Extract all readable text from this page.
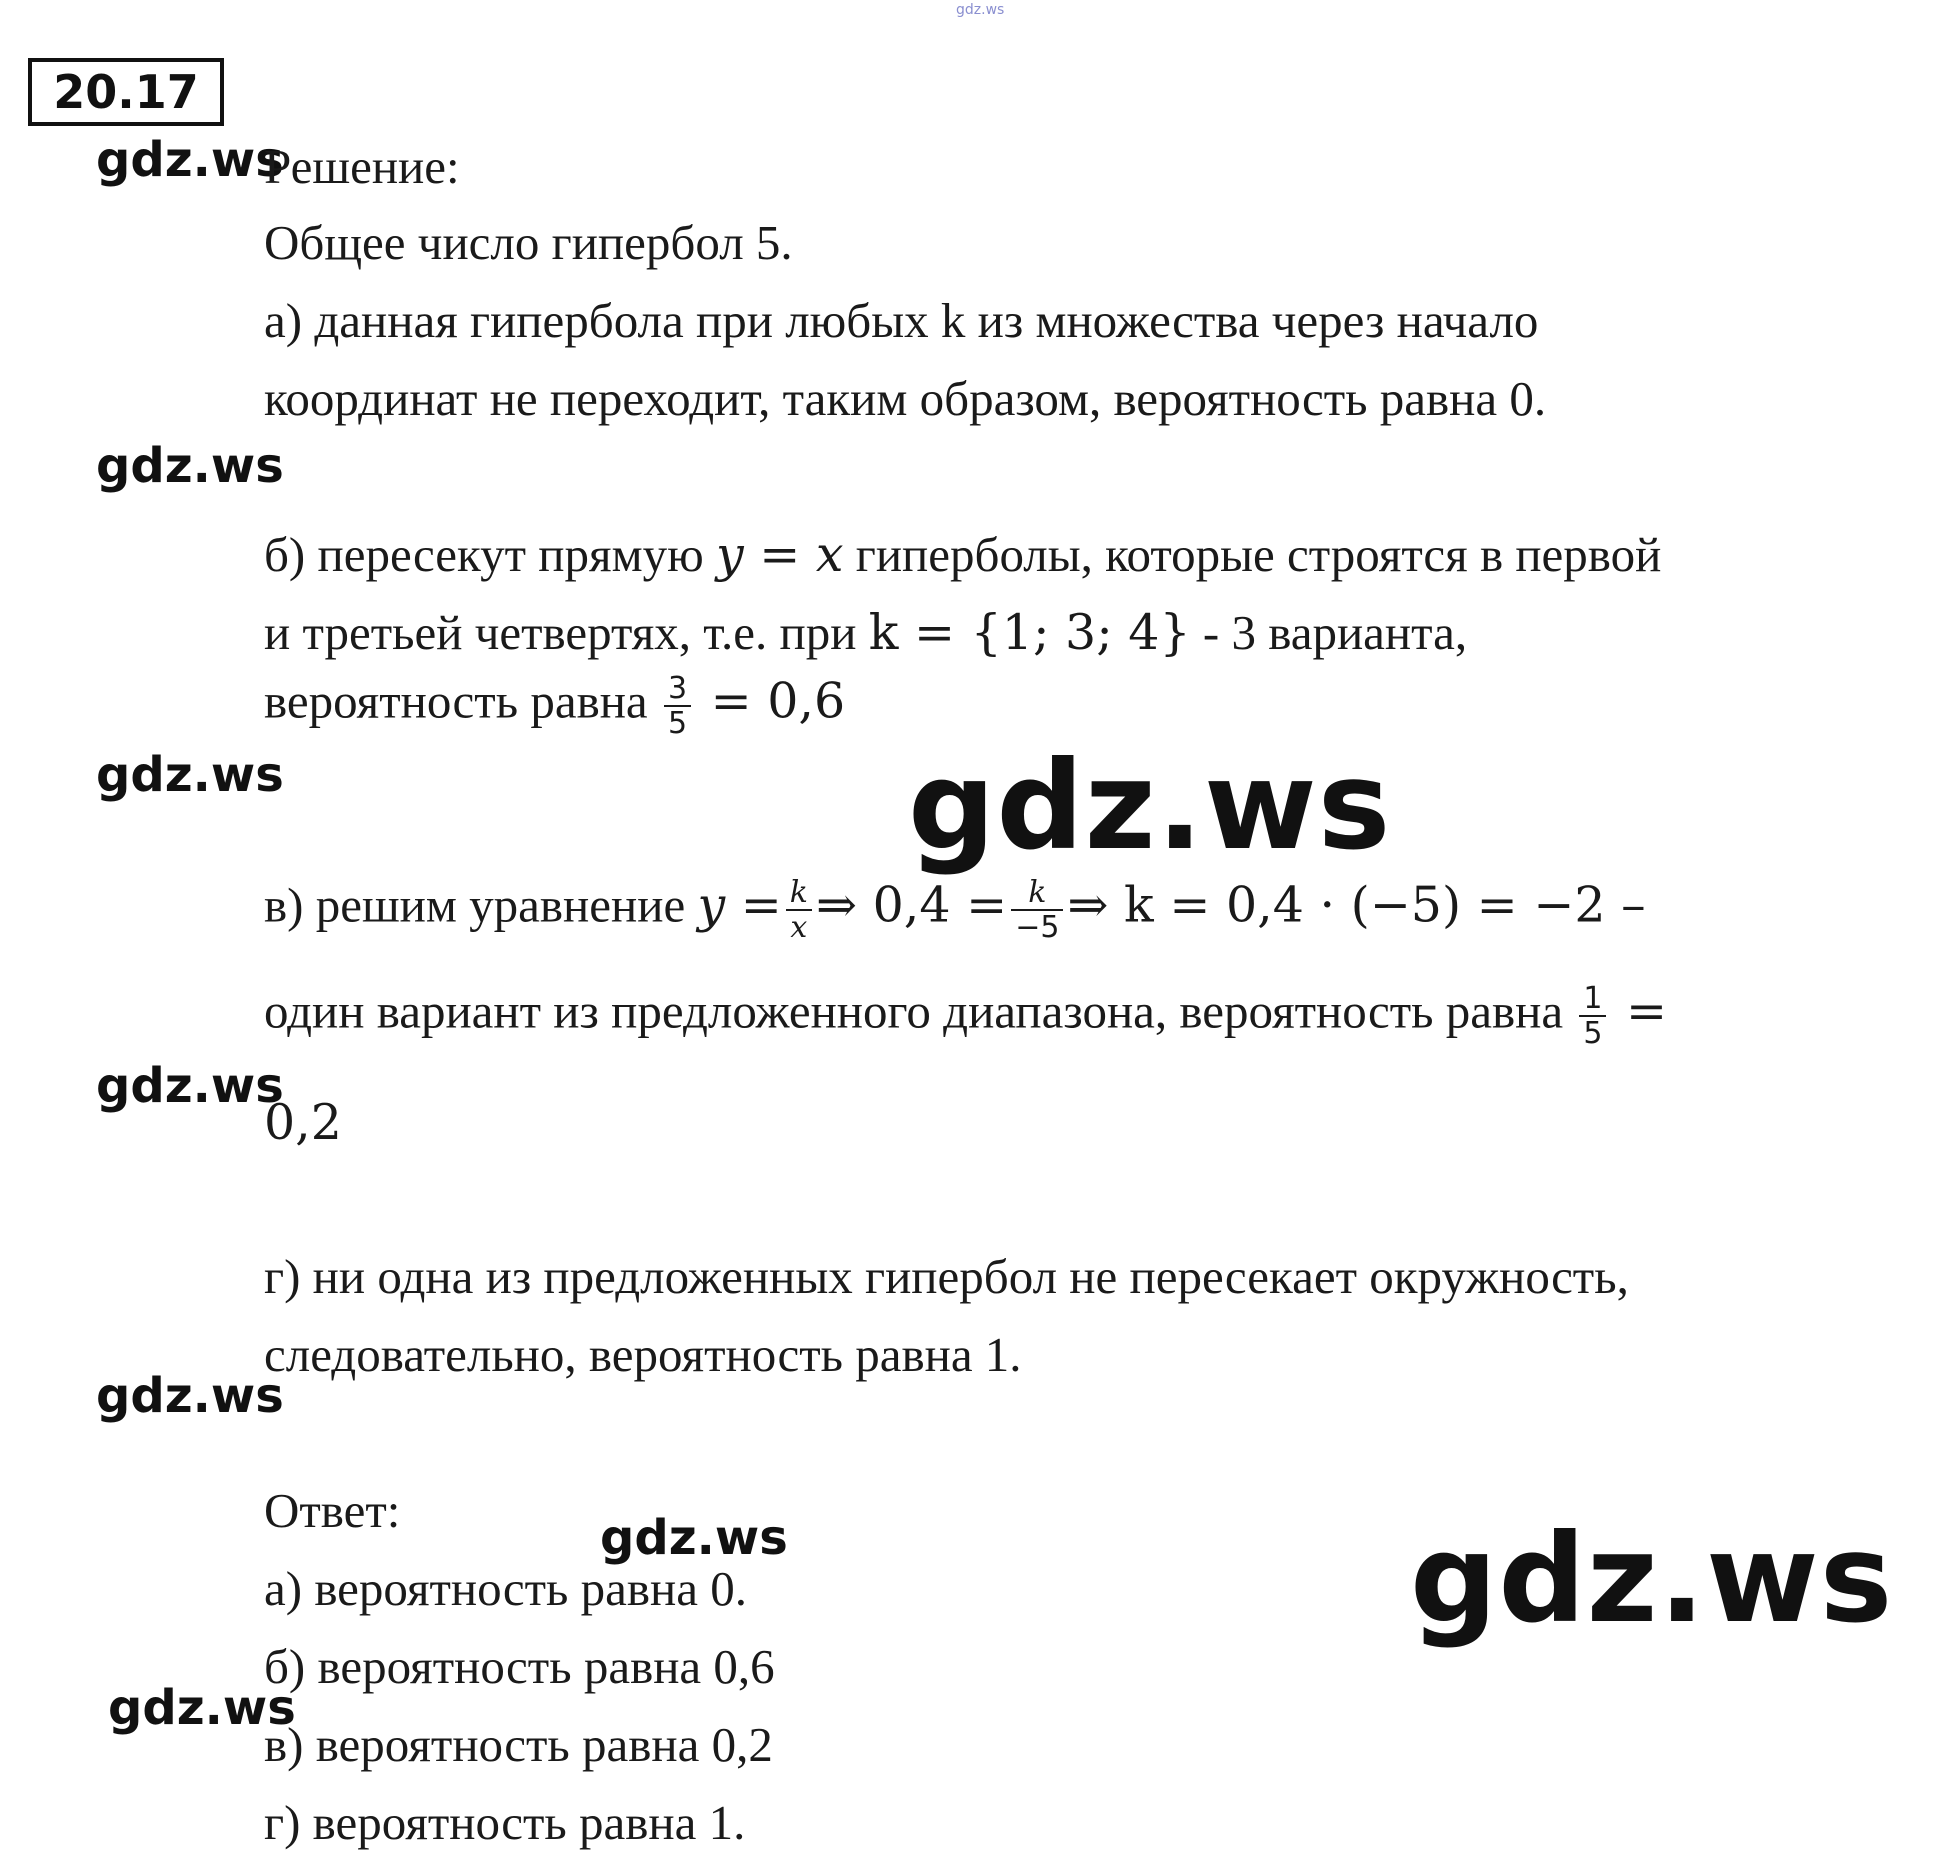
gdz.ws
20.17
gdz.ws
gdz.ws
gdz.ws
gdz.ws
gdz.ws
gdz.ws
gdz.ws
gdz.ws
gdz.ws
Решение:
Общее число гипербол 5.
а) данная гипербола при любых k из множества через начало
координат не переходит, таким образом, вероятность равна 0.
б) пересекут прямую y = x гиперболы, которые строятся в первой
и третьей четвертях, т.е. при k = {1; 3; 4} - 3 варианта,
вероятность равна $\frac{3}{5} = 0,6$
в) решим уравнение $y = \frac{k}{x}$ ⇒ $0,4 = \frac{k}{-5}$ ⇒ k = 0,4 · (−5) = −2 –
один вариант из предложенного диапазона, вероятность равна $\frac{1}{5}$ =
0,2
г) ни одна из предложенных гипербол не пересекает окружность,
следовательно, вероятность равна 1.
Ответ:
а) вероятность равна 0.
б) вероятность равна 0,6
в) вероятность равна 0,2
г) вероятность равна 1.
